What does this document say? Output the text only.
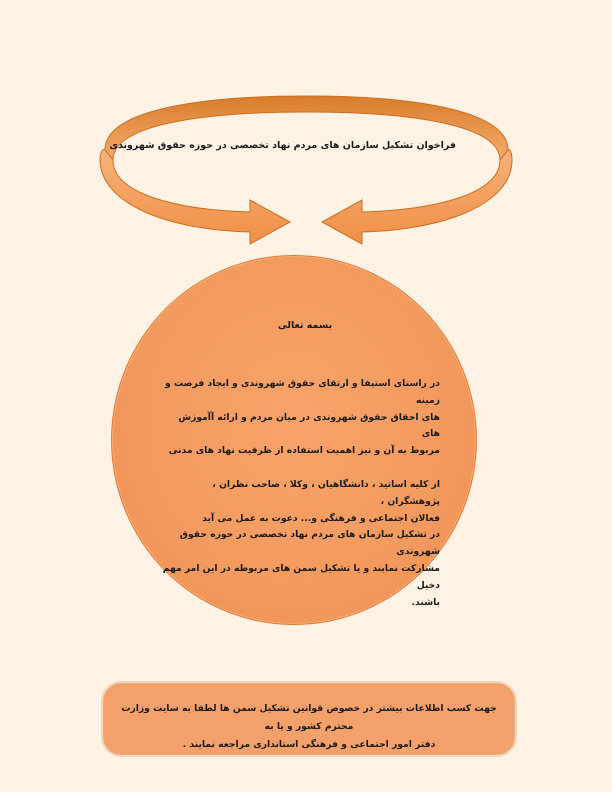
فراخوان تشکیل سازمان های مردم نهاد تخصصی در حوزه حقوق شهروندی
بسمه تعالی

در راستای استیفا و ارتقای حقوق شهروندی و ایجاد فرصت و زمینه

های احقاق حقوق شهروندی در میان مردم و ارائه آآموزش های

مربوط به آن و نیز اهمیت استفاده از ظرفیت نهاد های مدنی

از کلیه اساتید ، دانشگاهیان ، وکلا ، صاحب نظران ، پژوهشگران ،

فعالان اجتماعی و فرهنگی و... دعوت به عمل می آید

در تشکیل سازمان های مردم نهاد تخصصی در حوزه حقوق شهروندی

مشارکت نمایند و یا تشکیل سمن های مربوطه در این امر مهم دخیل

باشند.

جهت کسب اطلاعات بیشتر در خصوص قوانین تشکیل سمن ها لطفا به سایت وزارت محترم کشور و یا به

دفتر امور اجتماعی و فرهنگی استانداری مراجعه نمایند .
